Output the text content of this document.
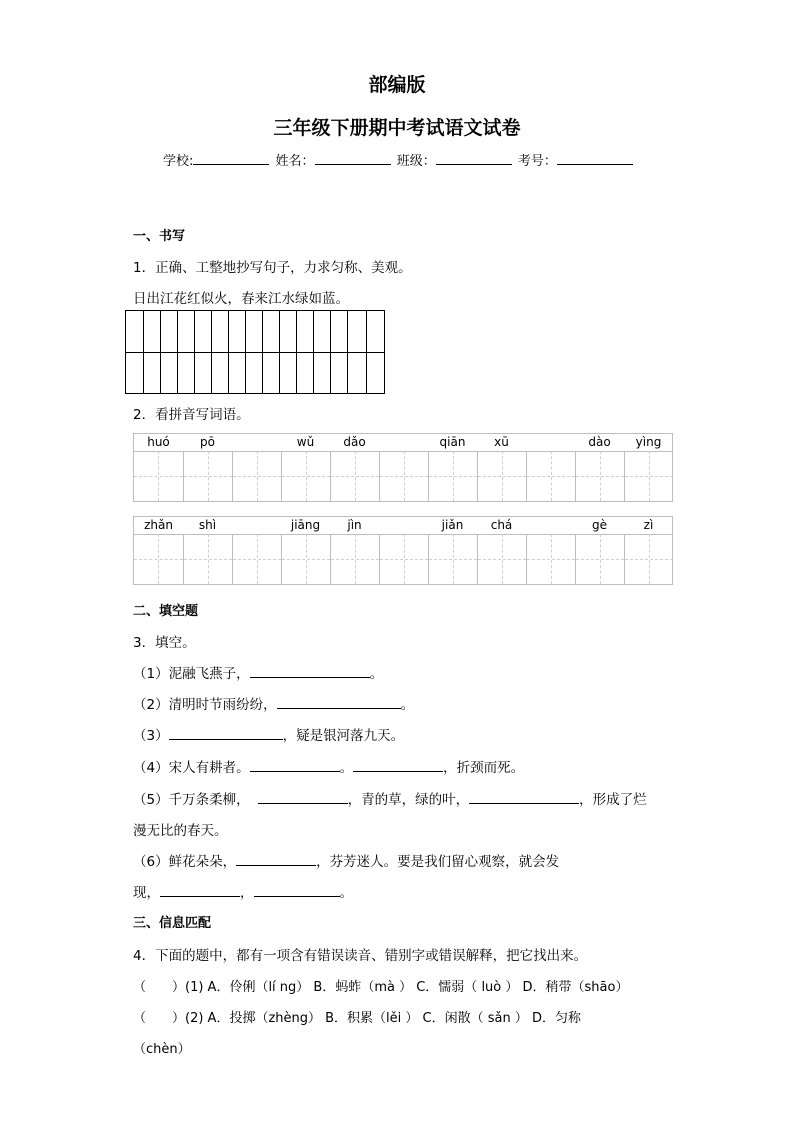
部编版
三年级下册期中考试语文试卷
学校:	姓名：	班级：	考号：
一、书写
1．正确、工整地抄写句子，力求匀称、美观。
日出江花红似火，春来江水绿如蓝。
2．看拼音写词语。
huó	pō	wǔ	dǎo	qiān	xū	dào	yìng
zhǎn	shì	jiāng	jìn	jiǎn	chá	gè	zì
二、填空题
3．填空。
（1）泥融飞燕子，	。
（2）清明时节雨纷纷，	。
（3）	，疑是银河落九天。
（4）宋人有耕者。	。	，折颈而死。
（5）千万条柔柳，	，青的草，绿的叶，	，形成了烂
漫无比的春天。
（6）鲜花朵朵，	，芬芳迷人。要是我们留心观察，就会发
现，	，	。
三、信息匹配
4．下面的题中，都有一项含有错误读音、错别字或错误解释，把它找出来。
（　　）(1) A．伶俐（lí ng） B．蚂蚱（mà ） C．懦弱（ luò ） D．稍带（shāo）
（　　）(2) A．投掷（zhèng） B．积累（lěi ） C．闲散（ sǎn ） D．匀称
（chèn）
